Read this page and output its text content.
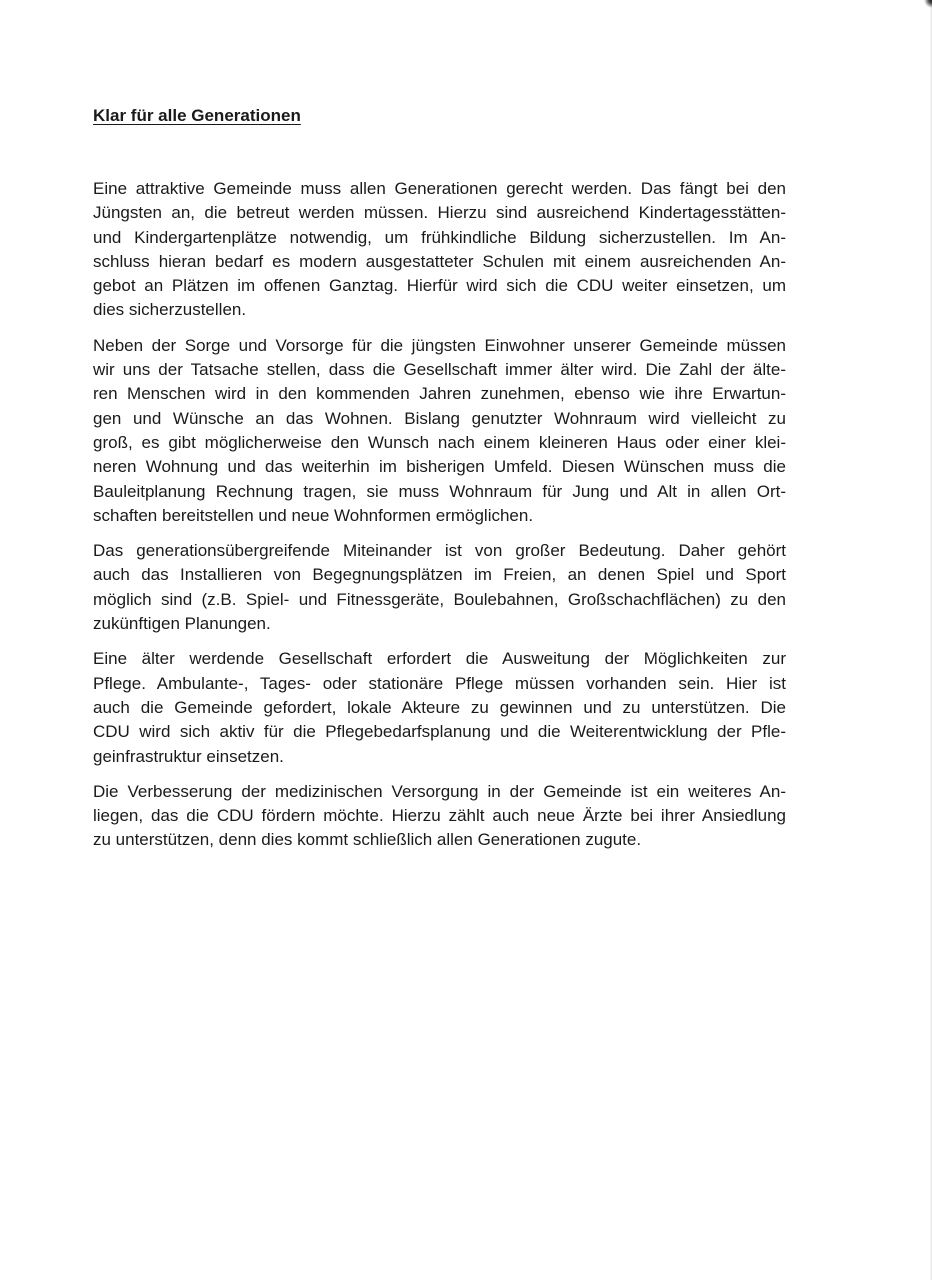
Klar für alle Generationen
Eine attraktive Gemeinde muss allen Generationen gerecht werden. Das fängt bei den
Jüngsten an, die betreut werden müssen. Hierzu sind ausreichend Kindertagesstätten-
und Kindergartenplätze notwendig, um frühkindliche Bildung sicherzustellen. Im An-
schluss hieran bedarf es modern ausgestatteter Schulen mit einem ausreichenden An-
gebot an Plätzen im offenen Ganztag. Hierfür wird sich die CDU weiter einsetzen, um
dies sicherzustellen.
Neben der Sorge und Vorsorge für die jüngsten Einwohner unserer Gemeinde müssen
wir uns der Tatsache stellen, dass die Gesellschaft immer älter wird. Die Zahl der älte-
ren Menschen wird in den kommenden Jahren zunehmen, ebenso wie ihre Erwartun-
gen und Wünsche an das Wohnen. Bislang genutzter Wohnraum wird vielleicht zu
groß, es gibt möglicherweise den Wunsch nach einem kleineren Haus oder einer klei-
neren Wohnung und das weiterhin im bisherigen Umfeld. Diesen Wünschen muss die
Bauleitplanung Rechnung tragen, sie muss Wohnraum für Jung und Alt in allen Ort-
schaften bereitstellen und neue Wohnformen ermöglichen.
Das generationsübergreifende Miteinander ist von großer Bedeutung. Daher gehört
auch das Installieren von Begegnungsplätzen im Freien, an denen Spiel und Sport
möglich sind (z.B. Spiel- und Fitnessgeräte, Boulebahnen, Großschachflächen) zu den
zukünftigen Planungen.
Eine älter werdende Gesellschaft erfordert die Ausweitung der Möglichkeiten zur
Pflege. Ambulante-, Tages- oder stationäre Pflege müssen vorhanden sein. Hier ist
auch die Gemeinde gefordert, lokale Akteure zu gewinnen und zu unterstützen. Die
CDU wird sich aktiv für die Pflegebedarfsplanung und die Weiterentwicklung der Pfle-
geinfrastruktur einsetzen.
Die Verbesserung der medizinischen Versorgung in der Gemeinde ist ein weiteres An-
liegen, das die CDU fördern möchte. Hierzu zählt auch neue Ärzte bei ihrer Ansiedlung
zu unterstützen, denn dies kommt schließlich allen Generationen zugute.
